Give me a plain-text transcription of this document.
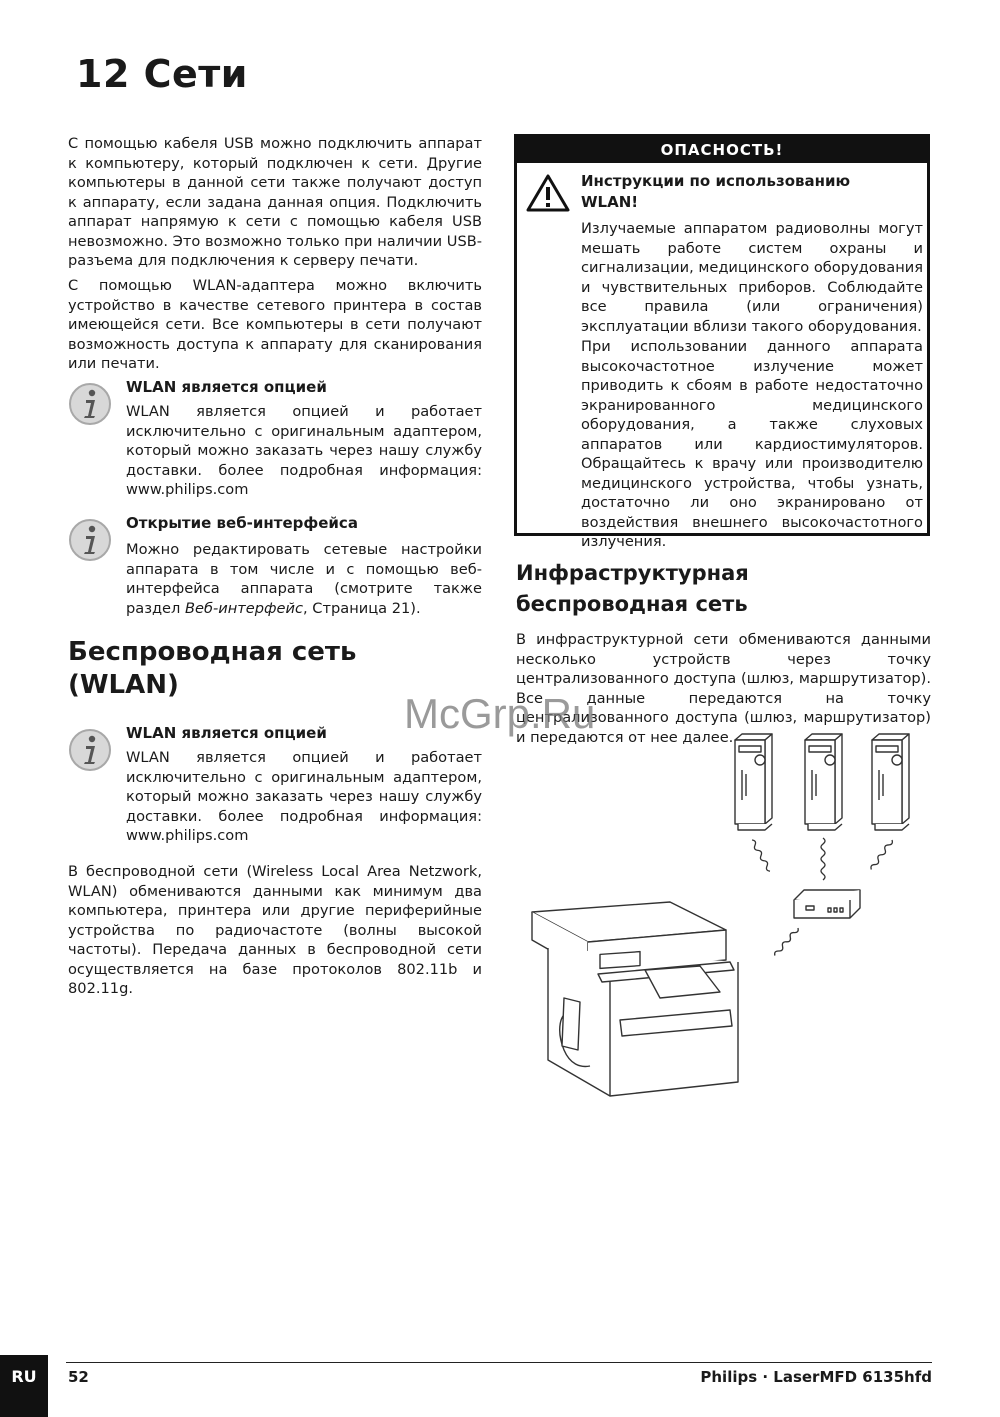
12 Сети

С помощью кабеля USB можно подключить аппарат к компьютеру, который подключен к сети. Другие компьютеры в данной сети также получают доступ к аппарату, если задана данная опция. Подключить аппарат напрямую к сети с помощью кабеля USB невозможно. Это возможно только при наличии USB-разъема для подключения к серверу печати.

С помощью WLAN-адаптера можно включить устройство в качестве сетевого принтера в состав имеющейся сети. Все компьютеры в сети получают возможность доступа к аппарату для сканирования или печати.

WLAN является опцией

WLAN является опцией и работает исключительно с оригинальным адаптером, который можно заказать через нашу службу доставки. более подробная информация: www.philips.com

Открытие веб-интерфейса

Можно редактировать сетевые настройки аппарата в том числе и с помощью веб-интерфейса аппарата (смотрите также раздел Веб-интерфейс, Страница 21).

Беспроводная сеть

(WLAN)

WLAN является опцией

WLAN является опцией и работает исключительно с оригинальным адаптером, который можно заказать через нашу службу доставки. более подробная информация: www.philips.com

В беспроводной сети (Wireless Local Area Netzwork, WLAN) обмениваются данными как минимум два компьютера, принтера или другие периферийные устройства по радиочастоте (волны высокой частоты). Передача данных в беспроводной сети осуществляется на базе протоколов 802.11b и 802.11g.

ОПАСНОСТЬ!

Инструкции по использованию
WLAN!

Излучаемые аппаратом радиоволны могут мешать работе систем охраны и сигнализации, медицинского оборудования и чувствительных приборов. Соблюдайте все правила (или ограничения) эксплуатации вблизи такого оборудования.

При использовании данного аппарата высокочастотное излучение может приводить к сбоям в работе недостаточно экранированного медицинского оборудования, а также слуховых аппаратов или кардиостимуляторов. Обращайтесь к врачу или производителю медицинского устройства, чтобы узнать, достаточно ли оно экранировано от воздействия внешнего высокочастотного излучения.

Инфраструктурная

беспроводная сеть

В инфраструктурной сети обмениваются данными несколько устройств через точку централизованного доступа (шлюз, маршрутизатор). Все данные передаются на точку централизованного доступа (шлюз, маршрутизатор) и передаются от нее далее.

McGrp.Ru
RU	52	Philips · LaserMFD 6135hfd
